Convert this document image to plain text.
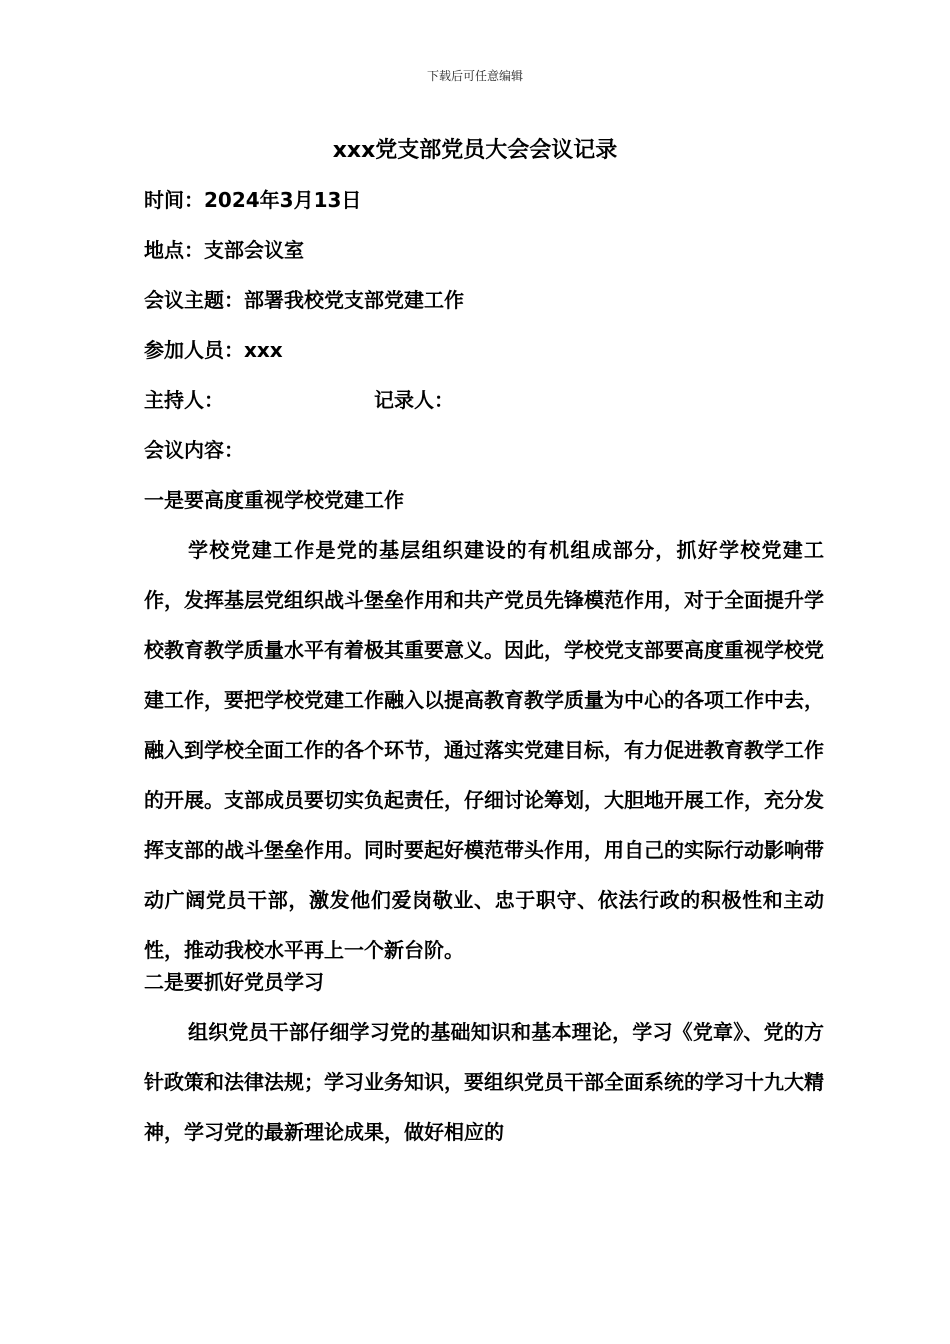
下载后可任意编辑
xxx党支部党员大会会议记录
时间：2024年3月13日
地点：支部会议室
会议主题：部署我校党支部党建工作
参加人员：xxx
主持人：	记录人：
会议内容：
一是要高度重视学校党建工作
学校党建工作是党的基层组织建设的有机组成部分，抓好学校党建工作，发挥基层党组织战斗堡垒作用和共产党员先锋模范作用，对于全面提升学校教育教学质量水平有着极其重要意义。因此，学校党支部要高度重视学校党建工作，要把学校党建工作融入以提高教育教学质量为中心的各项工作中去，融入到学校全面工作的各个环节，通过落实党建目标，有力促进教育教学工作的开展。支部成员要切实负起责任，仔细讨论筹划，大胆地开展工作，充分发挥支部的战斗堡垒作用。同时要起好模范带头作用，用自己的实际行动影响带动广阔党员干部，激发他们爱岗敬业、忠于职守、依法行政的积极性和主动性，推动我校水平再上一个新台阶。
二是要抓好党员学习
组织党员干部仔细学习党的基础知识和基本理论，学习《党章》、党的方针政策和法律法规；学习业务知识，要组织党员干部全面系统的学习十九大精神，学习党的最新理论成果，做好相应的
